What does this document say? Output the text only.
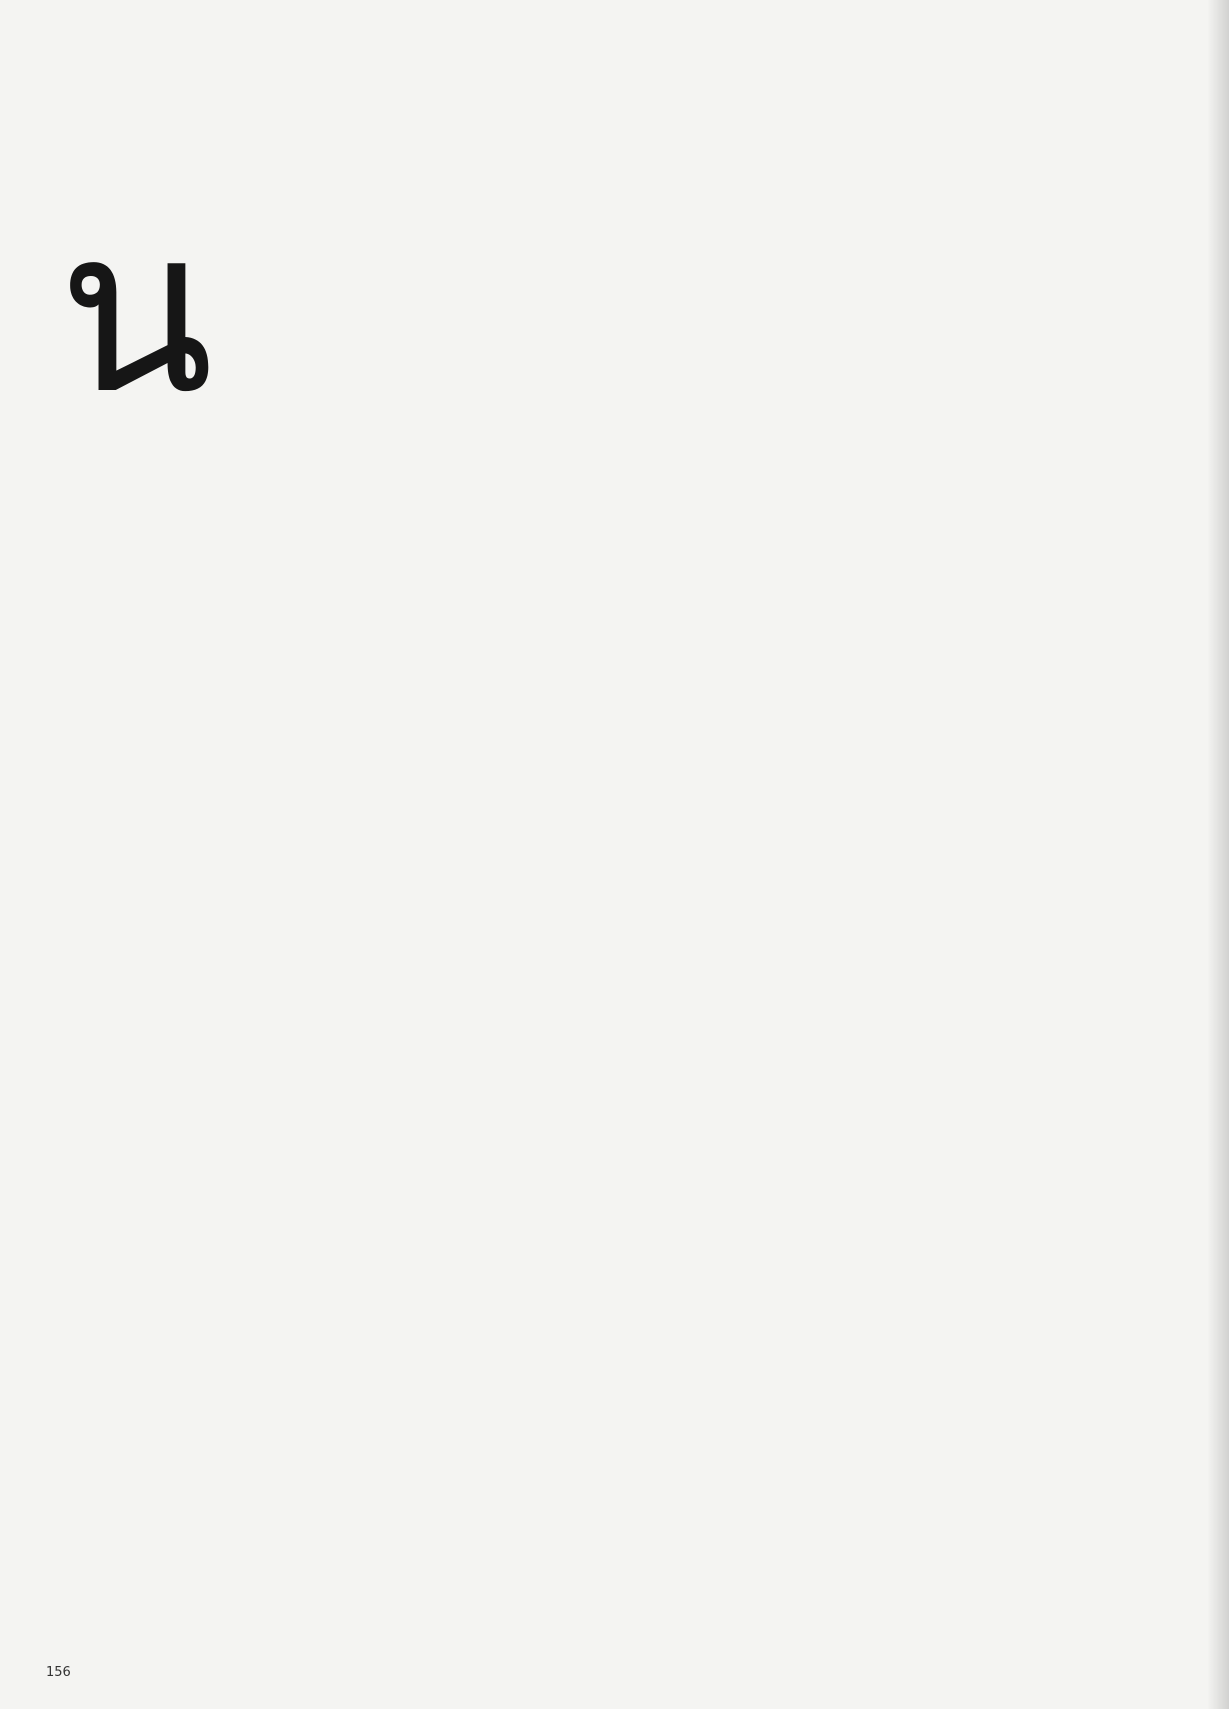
น

156
